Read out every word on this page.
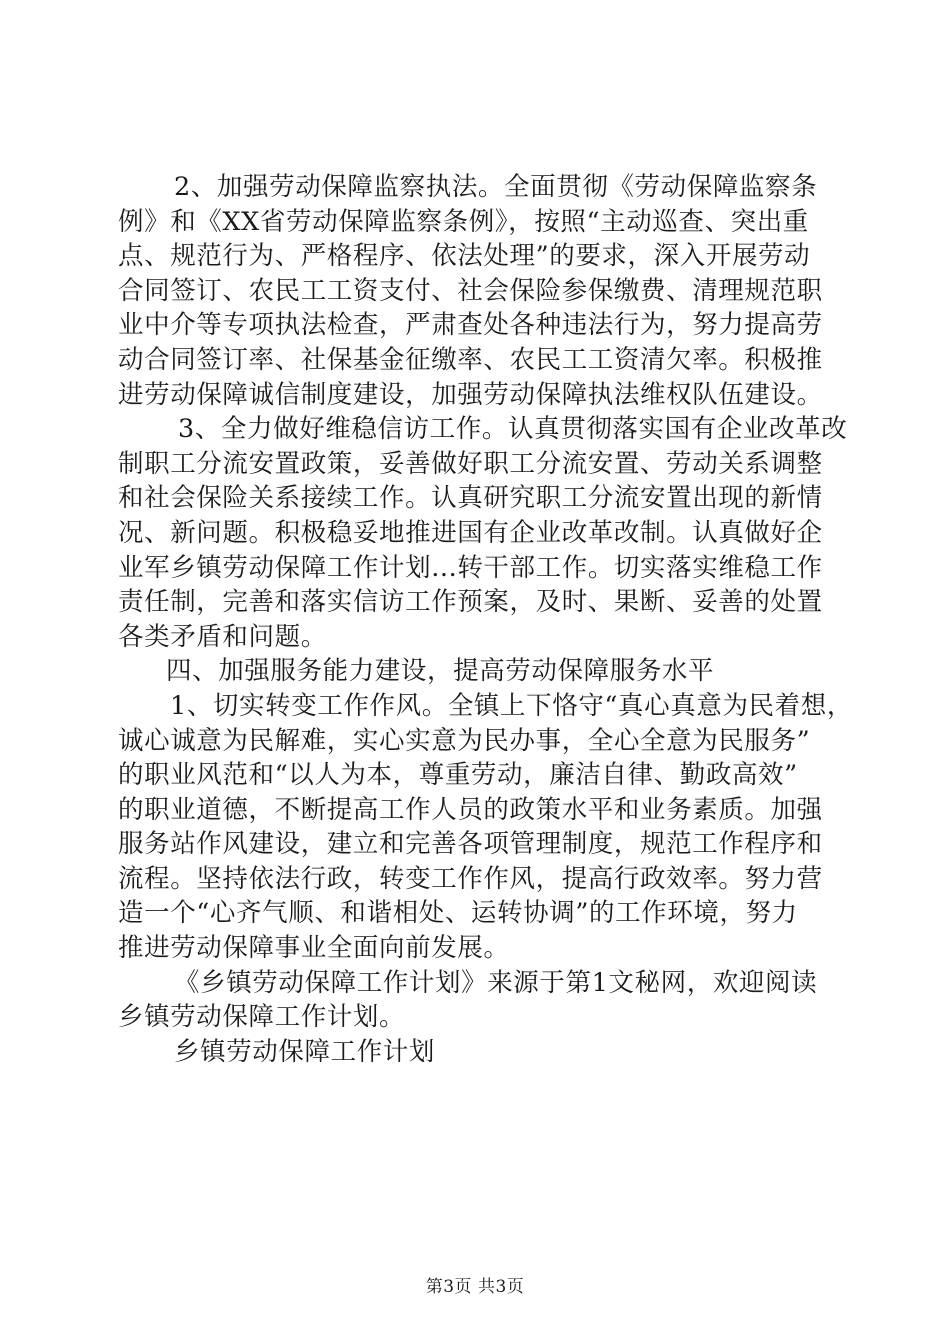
2、加强劳动保障监察执法。全面贯彻《劳动保障监察条
例》和《XX省劳动保障监察条例》，按照“主动巡查、突出重
点、规范行为、严格程序、依法处理”的要求，深入开展劳动
合同签订、农民工工资支付、社会保险参保缴费、清理规范职
业中介等专项执法检查，严肃查处各种违法行为，努力提高劳
动合同签订率、社保基金征缴率、农民工工资清欠率。积极推
进劳动保障诚信制度建设，加强劳动保障执法维权队伍建设。
3、全力做好维稳信访工作。认真贯彻落实国有企业改革改
制职工分流安置政策，妥善做好职工分流安置、劳动关系调整
和社会保险关系接续工作。认真研究职工分流安置出现的新情
况、新问题。积极稳妥地推进国有企业改革改制。认真做好企
业军乡镇劳动保障工作计划...转干部工作。切实落实维稳工作
责任制，完善和落实信访工作预案，及时、果断、妥善的处置
各类矛盾和问题。
四、加强服务能力建设，提高劳动保障服务水平
1、切实转变工作作风。全镇上下恪守“真心真意为民着想，
诚心诚意为民解难，实心实意为民办事，全心全意为民服务”
的职业风范和“以人为本，尊重劳动，廉洁自律、勤政高效”
的职业道德，不断提高工作人员的政策水平和业务素质。加强
服务站作风建设，建立和完善各项管理制度，规范工作程序和
流程。坚持依法行政，转变工作作风，提高行政效率。努力营
造一个“心齐气顺、和谐相处、运转协调”的工作环境，努力
推进劳动保障事业全面向前发展。
《乡镇劳动保障工作计划》来源于第1文秘网，欢迎阅读
乡镇劳动保障工作计划。
乡镇劳动保障工作计划
第3页 共3页
